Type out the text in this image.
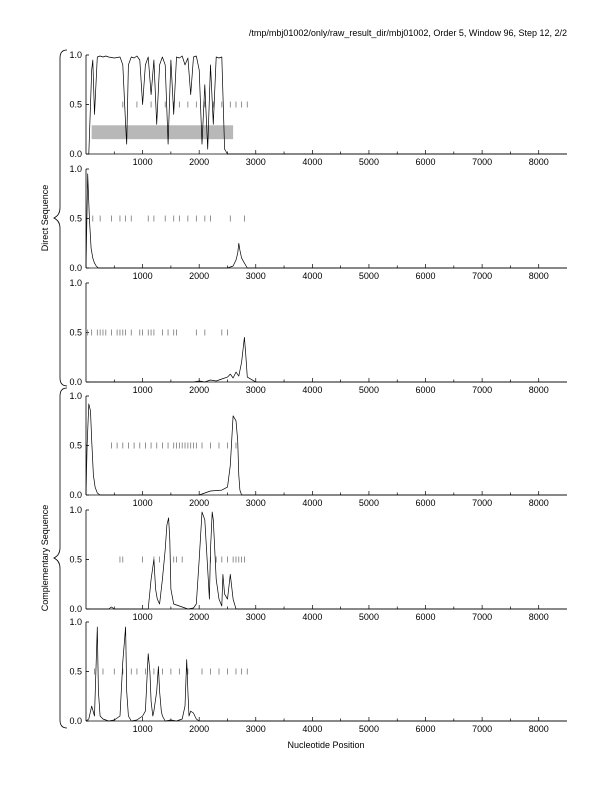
/tmp/mbj01002/only/raw_result_dir/mbj01002, Order 5, Window 96, Step 12, 2/2
Direct Sequence
Complementary Sequence
0.0
0.5
1.0
1000	2000	3000	4000	5000	6000	7000	8000
0.0
0.5
1.0
1000	2000	3000	4000	5000	6000	7000	8000
0.0
0.5
1.0
1000	2000	3000	4000	5000	6000	7000	8000
0.0
0.5
1.0
1000	2000	3000	4000	5000	6000	7000	8000
0.0
0.5
1.0
1000	2000	3000	4000	5000	6000	7000	8000
0.0
0.5
1.0
1000	2000	3000	4000	5000	6000	7000	8000
Nucleotide Position
